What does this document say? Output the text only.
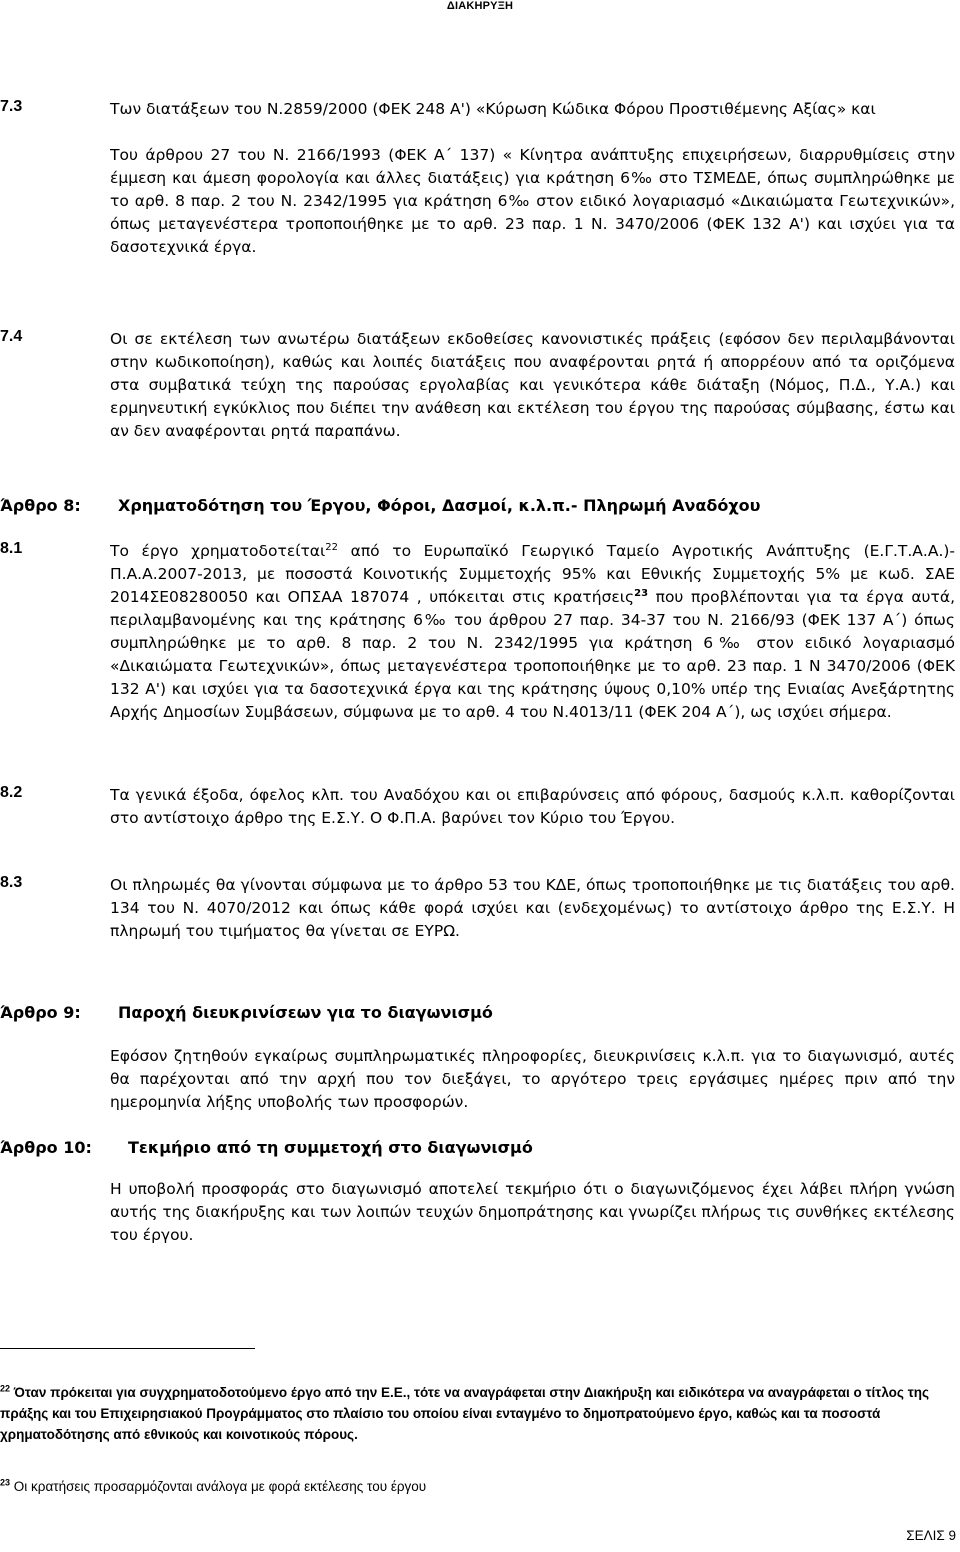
ΔΙΑΚΗΡΥΞΗ
7.3	Των διατάξεων του Ν.2859/2000 (ΦΕΚ 248 Α') «Κύρωση Κώδικα Φόρου Προστιθέμενης Αξίας» και
Του άρθρου 27 του Ν. 2166/1993 (ΦΕΚ Α΄ 137) « Κίνητρα ανάπτυξης επιχειρήσεων, διαρρυθμίσεις στην έμμεση και άμεση φορολογία και άλλες διατάξεις) για κράτηση 6‰ στο ΤΣΜΕΔΕ, όπως συμπληρώθηκε με το αρθ. 8 παρ. 2 του Ν. 2342/1995 για κράτηση 6‰ στον ειδικό λογαριασμό «Δικαιώματα Γεωτεχνικών», όπως μεταγενέστερα τροποποιήθηκε με το αρθ. 23 παρ. 1 Ν. 3470/2006 (ΦΕΚ 132 Α') και ισχύει για τα δασοτεχνικά έργα.
7.4	Οι σε εκτέλεση των ανωτέρω διατάξεων εκδοθείσες κανονιστικές πράξεις (εφόσον δεν περιλαμβάνονται στην κωδικοποίηση), καθώς και λοιπές διατάξεις που αναφέρονται ρητά ή απορρέουν από τα οριζόμενα στα συμβατικά τεύχη της παρούσας εργολαβίας και γενικότερα κάθε διάταξη (Νόμος, Π.Δ., Υ.Α.) και ερμηνευτική εγκύκλιος που διέπει την ανάθεση και εκτέλεση του έργου της παρούσας σύμβασης, έστω και αν δεν αναφέρονται ρητά παραπάνω.
Άρθρο 8: Χρηματοδότηση του Έργου, Φόροι, Δασμοί, κ.λ.π.- Πληρωμή Αναδόχου
8.1	Το έργο χρηματοδοτείται$^{22}$ από το Ευρωπαϊκό Γεωργικό Ταμείο Αγροτικής Ανάπτυξης (Ε.Γ.Τ.Α.Α.)- Π.Α.Α.2007-2013, με ποσοστά Κοινοτικής Συμμετοχής 95% και Εθνικής Συμμετοχής 5% με κωδ. ΣΑΕ 2014ΣΕ08280050 και ΟΠΣΑΑ 187074 , υπόκειται στις κρατήσεις$^{23}$ που προβλέπονται για τα έργα αυτά, περιλαμβανομένης και της κράτησης 6‰ του άρθρου 27 παρ. 34-37 του Ν. 2166/93 (ΦΕΚ 137 Α΄) όπως συμπληρώθηκε με το αρθ. 8 παρ. 2 του Ν. 2342/1995 για κράτηση 6‰ στον ειδικό λογαριασμό «Δικαιώματα Γεωτεχνικών», όπως μεταγενέστερα τροποποιήθηκε με το αρθ. 23 παρ. 1 Ν 3470/2006 (ΦΕΚ 132 Α') και ισχύει για τα δασοτεχνικά έργα και της κράτησης ύψους 0,10% υπέρ της Ενιαίας Ανεξάρτητης Αρχής Δημοσίων Συμβάσεων, σύμφωνα με το αρθ. 4 του Ν.4013/11 (ΦΕΚ 204 Α΄), ως ισχύει σήμερα.
8.2	Τα γενικά έξοδα, όφελος κλπ. του Αναδόχου και οι επιβαρύνσεις από φόρους, δασμούς κ.λ.π. καθορίζονται στο αντίστοιχο άρθρο της Ε.Σ.Υ. Ο Φ.Π.Α. βαρύνει τον Κύριο του Έργου.
8.3	Οι πληρωμές θα γίνονται σύμφωνα με το άρθρο 53 του ΚΔΕ, όπως τροποποιήθηκε με τις διατάξεις του αρθ. 134 του Ν. 4070/2012 και όπως κάθε φορά ισχύει και (ενδεχομένως) το αντίστοιχο άρθρο της Ε.Σ.Υ. Η πληρωμή του τιμήματος θα γίνεται σε ΕΥΡΩ.
Άρθρο 9: Παροχή διευκρινίσεων για το διαγωνισμό
Εφόσον ζητηθούν εγκαίρως συμπληρωματικές πληροφορίες, διευκρινίσεις κ.λ.π. για το διαγωνισμό, αυτές θα παρέχονται από την αρχή που τον διεξάγει, το αργότερο τρεις εργάσιμες ημέρες πριν από την ημερομηνία λήξης υποβολής των προσφορών.
Άρθρο 10: Τεκμήριο από τη συμμετοχή στο διαγωνισμό
Η υποβολή προσφοράς στο διαγωνισμό αποτελεί τεκμήριο ότι ο διαγωνιζόμενος έχει λάβει πλήρη γνώση αυτής της διακήρυξης και των λοιπών τευχών δημοπράτησης και γνωρίζει πλήρως τις συνθήκες εκτέλεσης του έργου.
$^{22}$ Όταν πρόκειται για συγχρηματοδοτούμενο έργο από την Ε.Ε., τότε να αναγράφεται στην Διακήρυξη και ειδικότερα να αναγράφεται ο τίτλος της πράξης και του Επιχειρησιακού Προγράμματος στο πλαίσιο του οποίου είναι ενταγμένο το δημοπρατούμενο έργο, καθώς και τα ποσοστά χρηματοδότησης από εθνικούς και κοινοτικούς πόρους.
$^{23}$ Οι κρατήσεις προσαρμόζονται ανάλογα με φορά εκτέλεσης του έργου
ΣΕΛΙΣ 9
